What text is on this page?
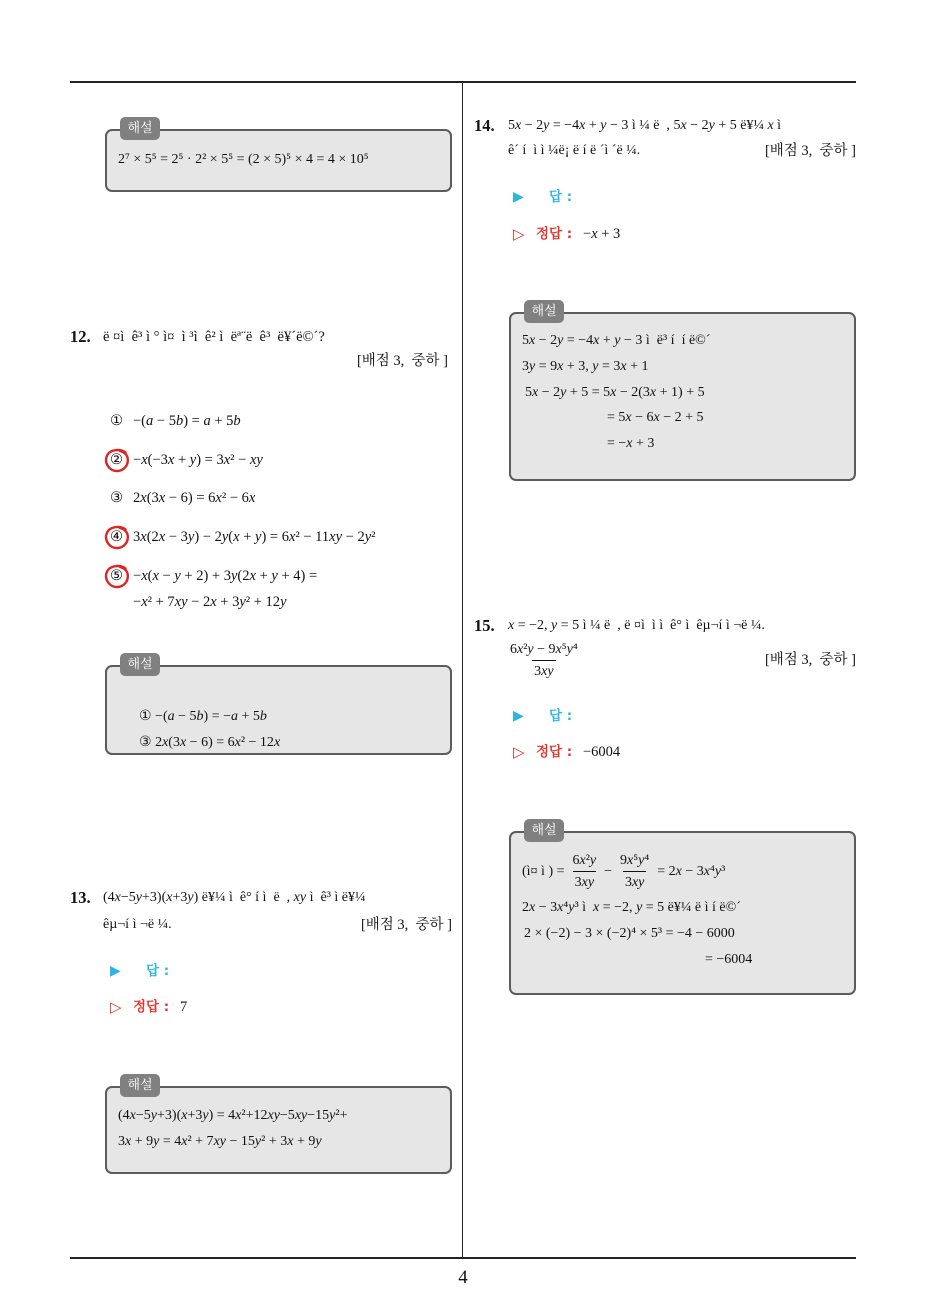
해설
2⁷ × 5⁵ = 2⁵ · 2² × 5⁵ = (2 × 5)⁵ × 4 = 4 × 10⁵
12. ë ¤ì  ê³ ì ° ì¤  ì ³ì  ê² ì  ëª¨ë  ê³  ë¥´ë©´?
[배점 3,  중하 ]
① −(a − 5b) = a + 5b
② −x(−3x + y) = 3x² − xy
③ 2x(3x − 6) = 6x² − 6x
④ 3x(2x − 3y) − 2y(x + y) = 6x² − 11xy − 2y²
⑤ −x(x − y + 2) + 3y(2x + y + 4) =
−x² + 7xy − 2x + 3y² + 12y
해설

① −(a − 5b) = −a + 5b

③ 2x(3x − 6) = 6x² − 12x

13. (4x−5y+3)(x+3y) ë¥¼ ì  ê° í ì  ë  , xy ì  ê³ ì ë¥¼
êµ¬í ì ¬ë ¼.	[배점 3,  중하 ]
▶ 답 :
▷ 정답 : 7
해설
(4x−5y+3)(x+3y) = 4x²+12xy−5xy−15y²+
3x + 9y = 4x² + 7xy − 15y² + 3x + 9y
14. 5x − 2y = −4x + y − 3 ì ¼ ë  , 5x − 2y + 5 ë¥¼ x ì
ê´ í  ì ì ¼ë¡ ë í ë ´ì ´ë ¼.	[배점 3,  중하 ]
▶ 답 :
▷ 정답 : −x + 3
해설
5x − 2y = −4x + y − 3 ì  ë³ í  í ë©´
3y = 9x + 3, y = 3x + 1
5x − 2y + 5 = 5x − 2(3x + 1) + 5
= 5x − 6x − 2 + 5
= −x + 3
15. x = −2, y = 5 ì ¼ ë  , ë ¤ì  ì ì  ê° ì  êµ¬í ì ¬ë ¼.
$\frac{\text{6x²y − 9x⁵y⁴}}{3xy}$	[배점 3,  중하 ]
▶ 답 :
▷ 정답 : −6004
해설
(ì¤ ì ) = $\frac{\text{6x²y}}{3xy} - \frac{\text{9x⁵y⁴}}{3xy} = 2x - 3x^4y^3$
2x − 3x⁴y³ ì  x = −2, y = 5 ë¥¼ ë ì í ë©´
2 × (−2) − 3 × (−2)⁴ × 5³ = −4 − 6000
= −6004
4
